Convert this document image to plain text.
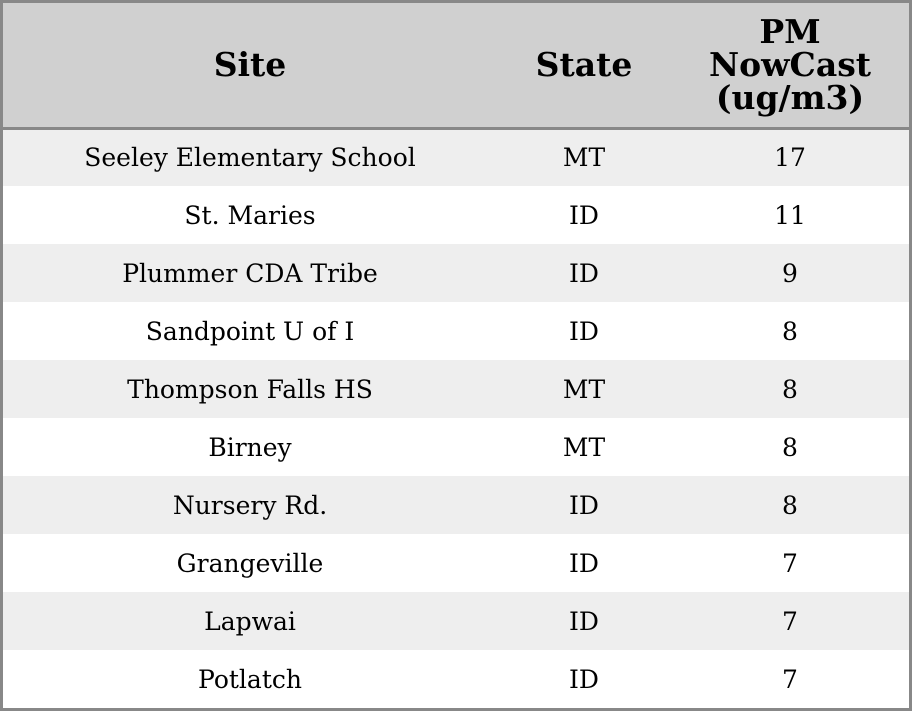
Site	State	PM
NowCast
(ug/m3)

Seeley Elementary School	MT	17
St. Maries	ID	11
Plummer CDA Tribe	ID	9
Sandpoint U of I	ID	8
Thompson Falls HS	MT	8
Birney	MT	8
Nursery Rd.	ID	8
Grangeville	ID	7
Lapwai	ID	7
Potlatch	ID	7
